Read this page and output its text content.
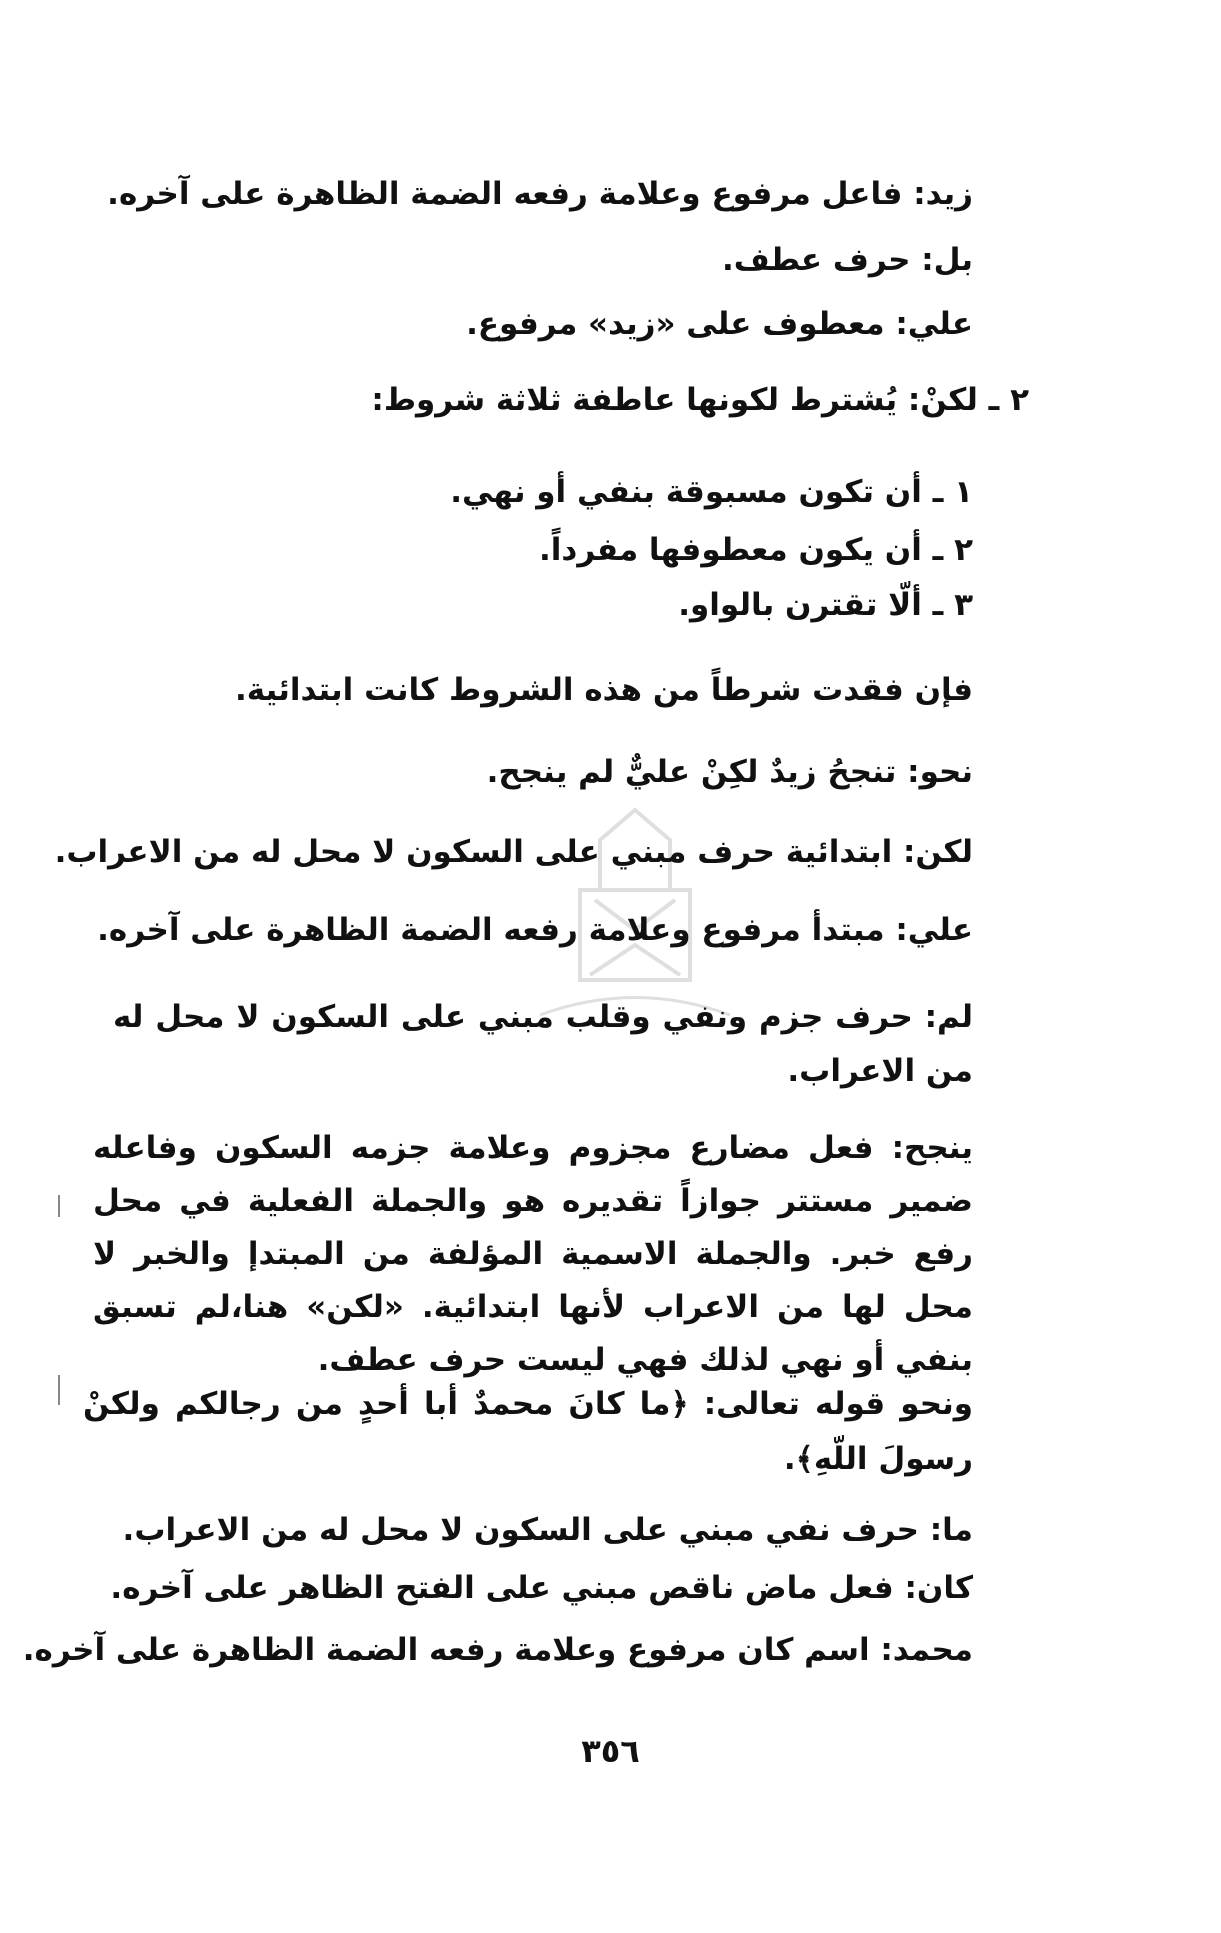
زيد: فاعل مرفوع وعلامة رفعه الضمة الظاهرة على آخره.
بل: حرف عطف.
علي: معطوف على «زيد» مرفوع.
٢ ـ لكنْ: يُشترط لكونها عاطفة ثلاثة شروط:
١ ـ أن تكون مسبوقة بنفي أو نهي.
٢ ـ أن يكون معطوفها مفرداً.
٣ ـ ألّا تقترن بالواو.
فإن فقدت شرطاً من هذه الشروط كانت ابتدائية.
نحو: تنجحُ زيدٌ لكِنْ عليٌّ لم ينجح.
لكن: ابتدائية حرف مبني على السكون لا محل له من الاعراب.
علي: مبتدأ مرفوع وعلامة رفعه الضمة الظاهرة على آخره.
لم: حرف جزم ونفي وقلب مبني على السكون لا محل له من الاعراب.
ينجح: فعل مضارع مجزوم وعلامة جزمه السكون وفاعله ضمير مستتر جوازاً تقديره هو والجملة الفعلية في محل رفع خبر. والجملة الاسمية المؤلفة من المبتدإ والخبر لا محل لها من الاعراب لأنها ابتدائية. «لكن» هنا،لم تسبق بنفي أو نهي لذلك فهي ليست حرف عطف.
ونحو قوله تعالى: ﴿ما كانَ محمدٌ أبا أحدٍ من رجالكم ولكنْ رسولَ اللّهِ﴾.
ما: حرف نفي مبني على السكون لا محل له من الاعراب.
كان: فعل ماض ناقص مبني على الفتح الظاهر على آخره.
محمد: اسم كان مرفوع وعلامة رفعه الضمة الظاهرة على آخره.
٣٥٦
